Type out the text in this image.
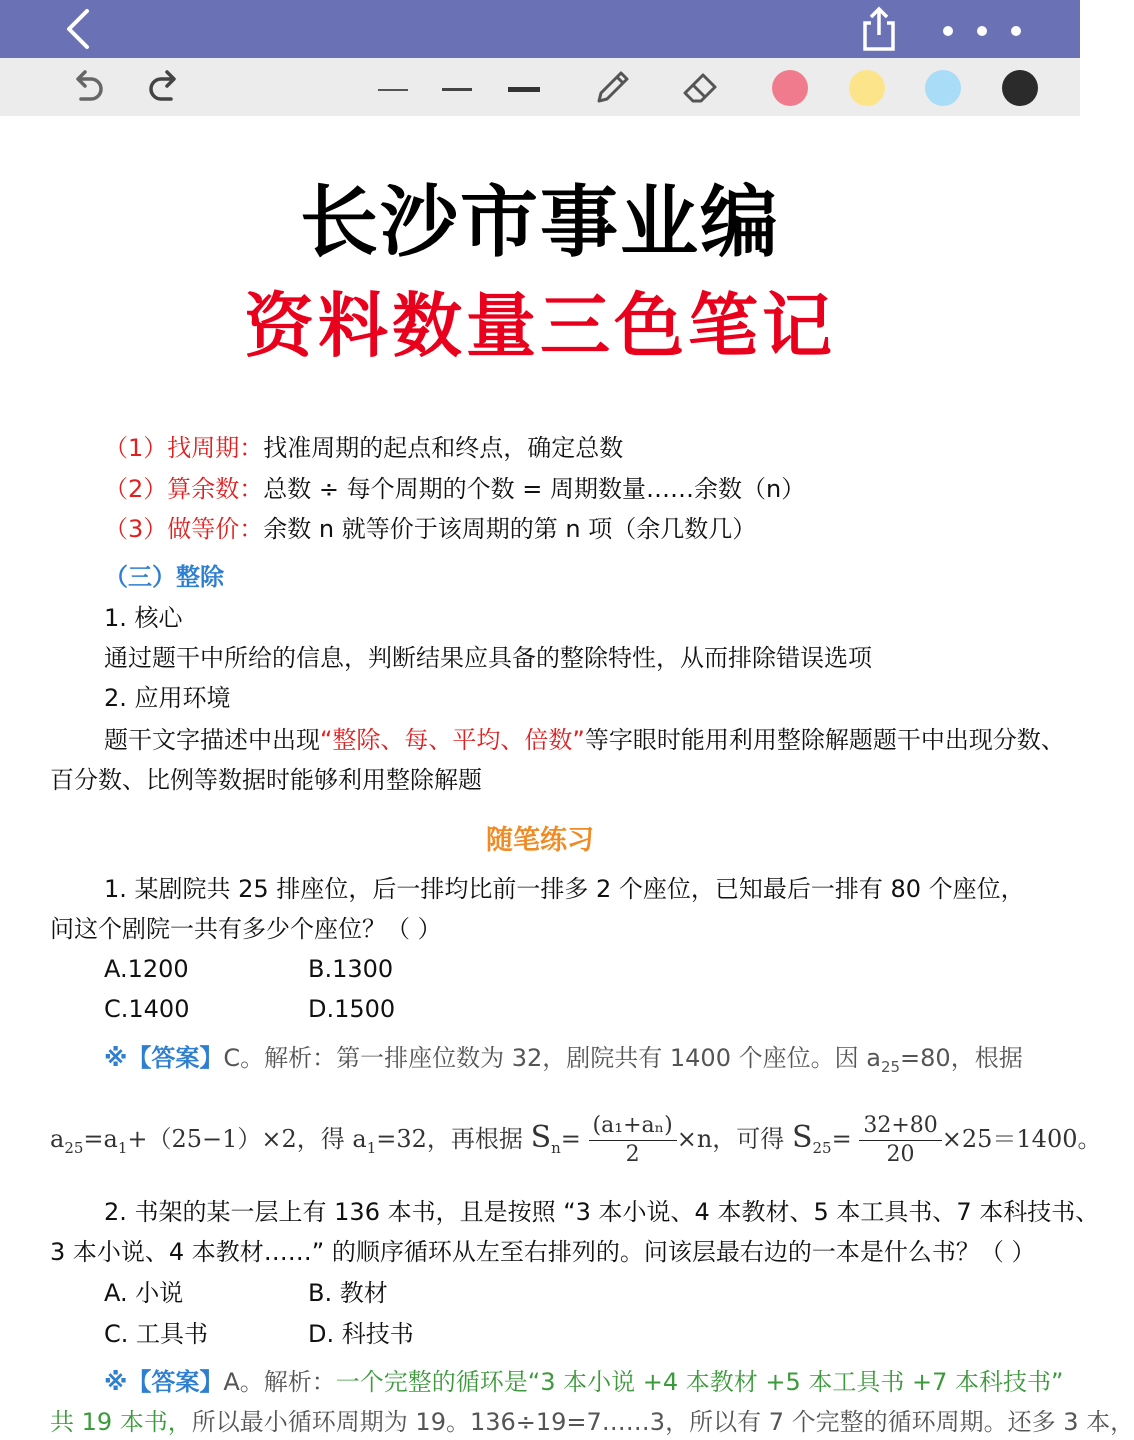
长沙市事业编
资料数量三色笔记
（1）找周期：找准周期的起点和终点，确定总数
（2）算余数：总数 ÷ 每个周期的个数 = 周期数量……余数（n）
（3）做等价：余数 n 就等价于该周期的第 n 项（余几数几）
（三）整除
1. 核心
通过题干中所给的信息，判断结果应具备的整除特性，从而排除错误选项
2. 应用环境
题干文字描述中出现“整除、每、平均、倍数”等字眼时能用利用整除解题题干中出现分数、
百分数、比例等数据时能够利用整除解题
随笔练习
1. 某剧院共 25 排座位，后一排均比前一排多 2 个座位，已知最后一排有 80 个座位，
问这个剧院一共有多少个座位？（ ）
A.1200	B.1300
C.1400	D.1500
※【答案】C。解析：第一排座位数为 32，剧院共有 1400 个座位。因 $a_{25}=80$，根据
$a_{25}=a_1+(25-1)\times 2$，得 $a_1=32$，再根据 $S_n= \frac{\text{(a₁+aₙ)}}{2} \times n$，可得 $S_{25}= \frac{32+80}{20} \times 25=1400$。
2. 书架的某一层上有 136 本书，且是按照 “3 本小说、4 本教材、5 本工具书、7 本科技书、
3 本小说、4 本教材……” 的顺序循环从左至右排列的。问该层最右边的一本是什么书？（ ）
A. 小说	B. 教材
C. 工具书	D. 科技书
※【答案】A。解析：一个完整的循环是“3 本小说 +4 本教材 +5 本工具书 +7 本科技书”
共 19 本书，所以最小循环周期为 19。136÷19=7……3，所以有 7 个完整的循环周期。还多 3 本，
